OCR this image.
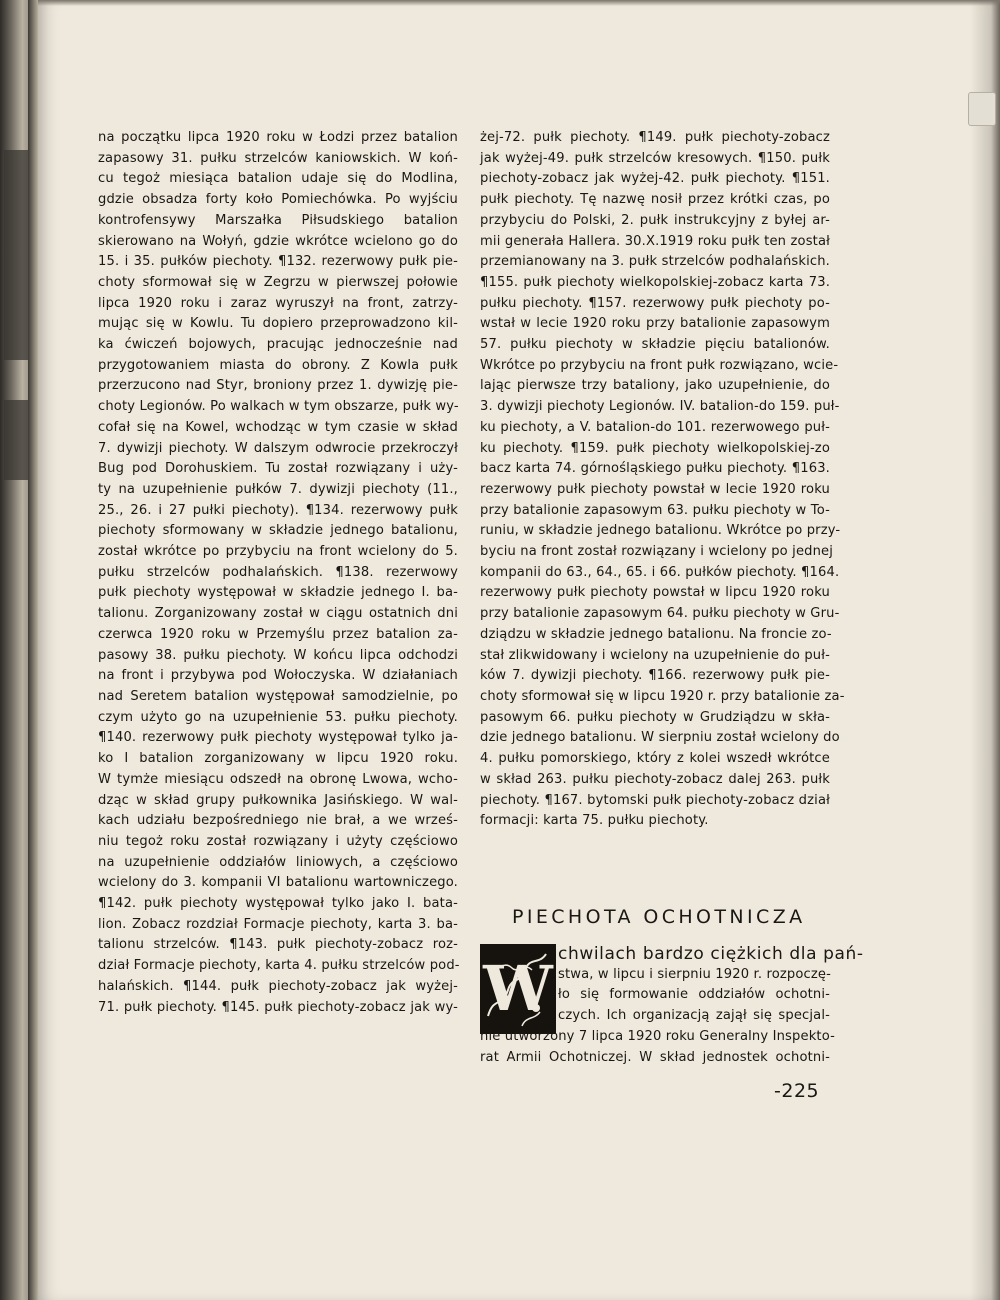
na początku lipca 1920 roku w Łodzi przez batalion
zapasowy 31. pułku strzelców kaniowskich. W koń-
cu tegoż miesiąca batalion udaje się do Modlina,
gdzie obsadza forty koło Pomiechówka. Po wyjściu
kontrofensywy Marszałka Piłsudskiego batalion
skierowano na Wołyń, gdzie wkrótce wcielono go do
15. i 35. pułków piechoty. ¶132. rezerwowy pułk pie-
choty sformował się w Zegrzu w pierwszej połowie
lipca 1920 roku i zaraz wyruszył na front, zatrzy-
mując się w Kowlu. Tu dopiero przeprowadzono kil-
ka ćwiczeń bojowych, pracując jednocześnie nad
przygotowaniem miasta do obrony. Z Kowla pułk
przerzucono nad Styr, broniony przez 1. dywizję pie-
choty Legionów. Po walkach w tym obszarze, pułk wy-
cofał się na Kowel, wchodząc w tym czasie w skład
7. dywizji piechoty. W dalszym odwrocie przekroczył
Bug pod Dorohuskiem. Tu został rozwiązany i uży-
ty na uzupełnienie pułków 7. dywizji piechoty (11.,
25., 26. i 27 pułki piechoty). ¶134. rezerwowy pułk
piechoty sformowany w składzie jednego batalionu,
został wkrótce po przybyciu na front wcielony do 5.
pułku strzelców podhalańskich. ¶138. rezerwowy
pułk piechoty występował w składzie jednego I. ba-
talionu. Zorganizowany został w ciągu ostatnich dni
czerwca 1920 roku w Przemyślu przez batalion za-
pasowy 38. pułku piechoty. W końcu lipca odchodzi
na front i przybywa pod Wołoczyska. W działaniach
nad Seretem batalion występował samodzielnie, po
czym użyto go na uzupełnienie 53. pułku piechoty.
¶140. rezerwowy pułk piechoty występował tylko ja-
ko I batalion zorganizowany w lipcu 1920 roku.
W tymże miesiącu odszedł na obronę Lwowa, wcho-
dząc w skład grupy pułkownika Jasińskiego. W wal-
kach udziału bezpośredniego nie brał, a we wrześ-
niu tegoż roku został rozwiązany i użyty częściowo
na uzupełnienie oddziałów liniowych, a częściowo
wcielony do 3. kompanii VI batalionu wartowniczego.
¶142. pułk piechoty występował tylko jako I. bata-
lion. Zobacz rozdział Formacje piechoty, karta 3. ba-
talionu strzelców. ¶143. pułk piechoty-zobacz roz-
dział Formacje piechoty, karta 4. pułku strzelców pod-
halańskich. ¶144. pułk piechoty-zobacz jak wyżej-
71. pułk piechoty. ¶145. pułk piechoty-zobacz jak wy-
żej-72. pułk piechoty. ¶149. pułk piechoty-zobacz
jak wyżej-49. pułk strzelców kresowych. ¶150. pułk
piechoty-zobacz jak wyżej-42. pułk piechoty. ¶151.
pułk piechoty. Tę nazwę nosił przez krótki czas, po
przybyciu do Polski, 2. pułk instrukcyjny z byłej ar-
mii generała Hallera. 30.X.1919 roku pułk ten został
przemianowany na 3. pułk strzelców podhalańskich.
¶155. pułk piechoty wielkopolskiej-zobacz karta 73.
pułku piechoty. ¶157. rezerwowy pułk piechoty po-
wstał w lecie 1920 roku przy batalionie zapasowym
57. pułku piechoty w składzie pięciu batalionów.
Wkrótce po przybyciu na front pułk rozwiązano, wcie-
lając pierwsze trzy bataliony, jako uzupełnienie, do
3. dywizji piechoty Legionów. IV. batalion-do 159. puł-
ku piechoty, a V. batalion-do 101. rezerwowego puł-
ku piechoty. ¶159. pułk piechoty wielkopolskiej-zo
bacz karta 74. górnośląskiego pułku piechoty. ¶163.
rezerwowy pułk piechoty powstał w lecie 1920 roku
przy batalionie zapasowym 63. pułku piechoty w To-
runiu, w składzie jednego batalionu. Wkrótce po przy-
byciu na front został rozwiązany i wcielony po jednej
kompanii do 63., 64., 65. i 66. pułków piechoty. ¶164.
rezerwowy pułk piechoty powstał w lipcu 1920 roku
przy batalionie zapasowym 64. pułku piechoty w Gru-
dziądzu w składzie jednego batalionu. Na froncie zo-
stał zlikwidowany i wcielony na uzupełnienie do puł-
ków 7. dywizji piechoty. ¶166. rezerwowy pułk pie-
choty sformował się w lipcu 1920 r. przy batalionie za-
pasowym 66. pułku piechoty w Grudziądzu w skła-
dzie jednego batalionu. W sierpniu został wcielony do
4. pułku pomorskiego, który z kolei wszedł wkrótce
w skład 263. pułku piechoty-zobacz dalej 263. pułk
piechoty. ¶167. bytomski pułk piechoty-zobacz dział
formacji: karta 75. pułku piechoty.
PIECHOTA OCHOTNICZA
W chwilach bardzo ciężkich dla pań-
stwa, w lipcu i sierpniu 1920 r. rozpoczę-
ło się formowanie oddziałów ochotni-
czych. Ich organizacją zajął się specjal-
nie utworzony 7 lipca 1920 roku Generalny Inspekto-
rat Armii Ochotniczej. W skład jednostek ochotni-
-225
